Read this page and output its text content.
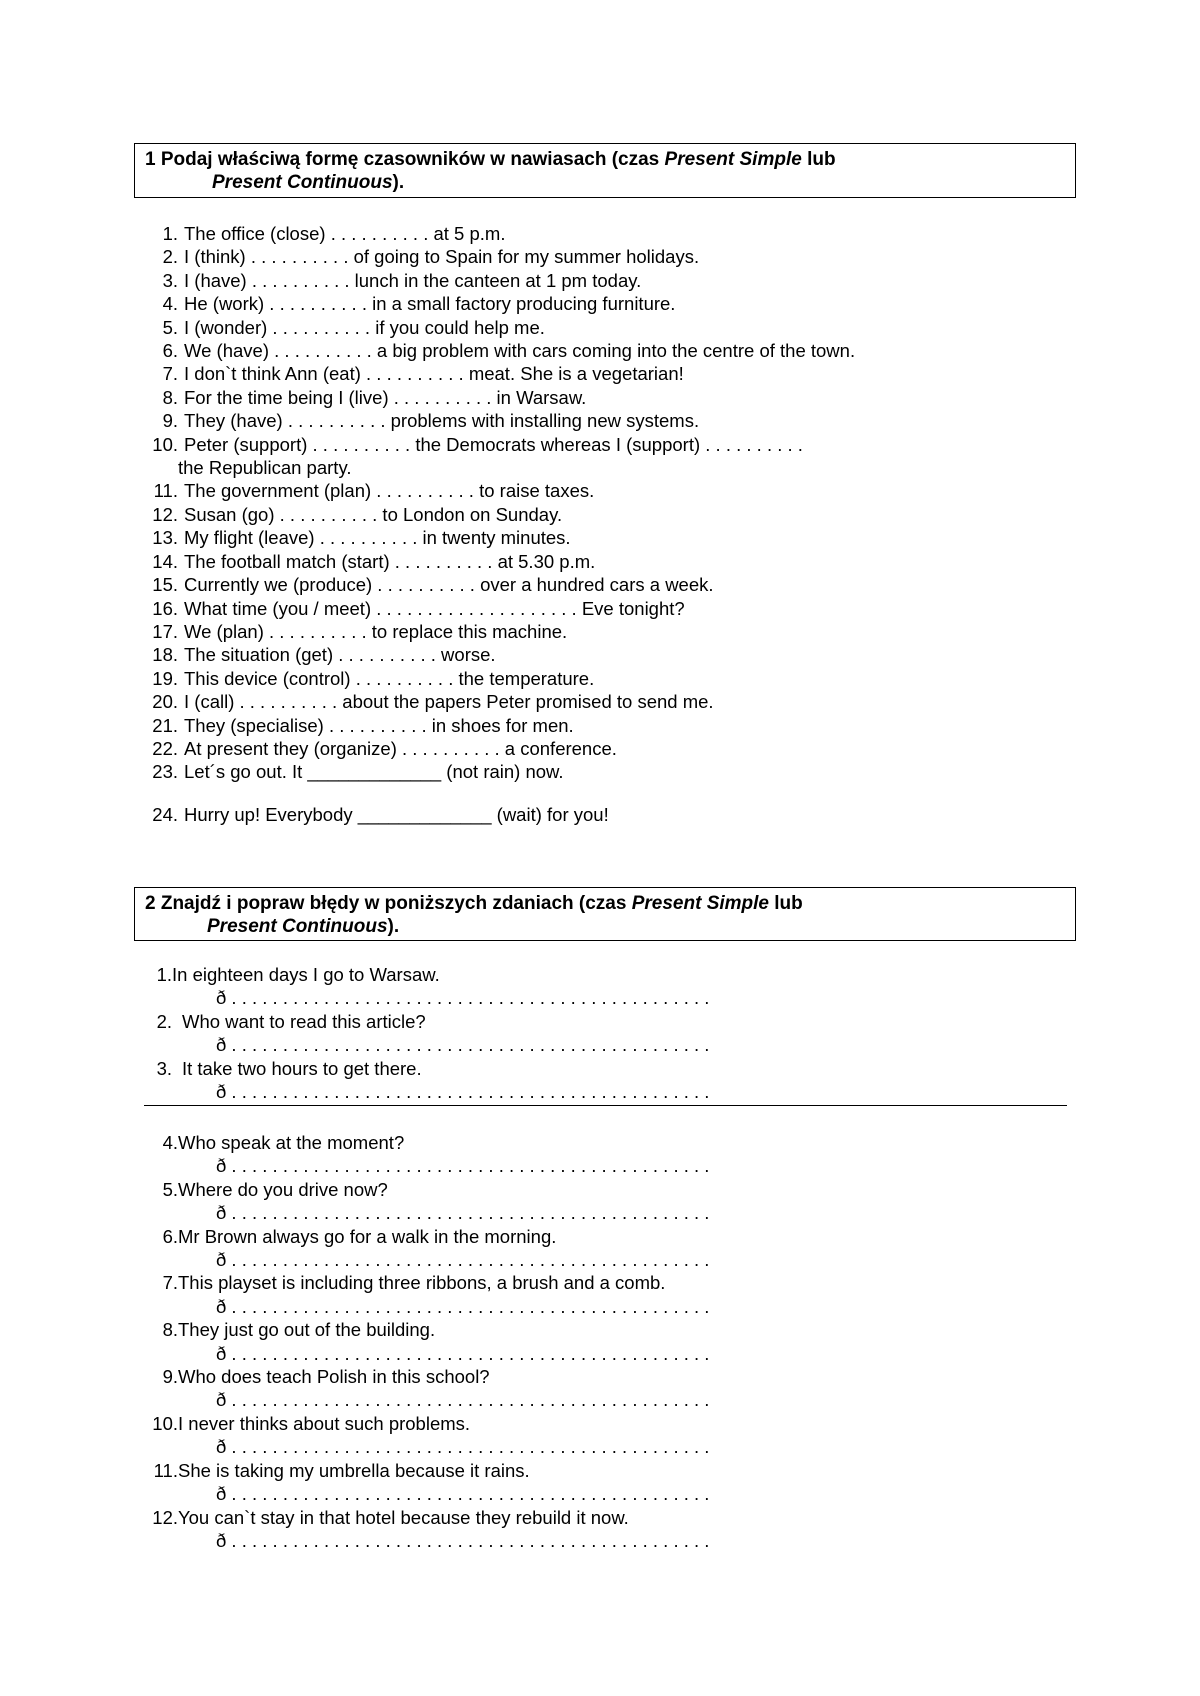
1 Podaj właściwą formę czasowników w nawiasach (czas Present Simple lub
Present Continuous).
1. The office (close) . . . . . . . . . . at 5 p.m.
2. I (think) . . . . . . . . . . of going to Spain for my summer holidays.
3. I (have) . . . . . . . . . . lunch in the canteen at 1 pm today.
4. He (work) . . . . . . . . . . in a small factory producing furniture.
5. I (wonder) . . . . . . . . . . if you could help me.
6. We (have) . . . . . . . . . . a big problem with cars coming into the centre of the town.
7. I don`t think Ann (eat) . . . . . . . . . . meat. She is a vegetarian!
8. For the time being I (live) . . . . . . . . . . in Warsaw.
9. They (have) . . . . . . . . . . problems with installing new systems.
10. Peter (support) . . . . . . . . . . the Democrats whereas I (support) . . . . . . . . . .
the Republican party.
11. The government (plan) . . . . . . . . . . to raise taxes.
12. Susan (go) . . . . . . . . . . to London on Sunday.
13. My flight (leave) . . . . . . . . . . in twenty minutes.
14. The football match (start) . . . . . . . . . . at 5.30 p.m.
15. Currently we (produce) . . . . . . . . . . over a hundred cars a week.
16. What time (you / meet) . . . . . . . . . . . . . . . . . . . . Eve tonight?
17. We (plan) . . . . . . . . . . to replace this machine.
18. The situation (get) . . . . . . . . . . worse.
19. This device (control) . . . . . . . . . . the temperature.
20. I (call) . . . . . . . . . . about the papers Peter promised to send me.
21. They (specialise) . . . . . . . . . . in shoes for men.
22. At present they (organize) . . . . . . . . . . a conference.
23. Let´s go out. It _____________ (not rain) now.
24. Hurry up! Everybody _____________ (wait) for you!
2 Znajdź i popraw błędy w poniższych zdaniach (czas Present Simple lub
Present Continuous).
1.In eighteen days I go to Warsaw.
ð . . . . . . . . . . . . . . . . . . . . . . . . . . . . . . . . . . . . . . . . . . . . . . .
2. Who want to read this article?
ð . . . . . . . . . . . . . . . . . . . . . . . . . . . . . . . . . . . . . . . . . . . . . . .
3. It take two hours to get there.
ð . . . . . . . . . . . . . . . . . . . . . . . . . . . . . . . . . . . . . . . . . . . . . . .
4.Who speak at the moment?
ð . . . . . . . . . . . . . . . . . . . . . . . . . . . . . . . . . . . . . . . . . . . . . . .
5.Where do you drive now?
ð . . . . . . . . . . . . . . . . . . . . . . . . . . . . . . . . . . . . . . . . . . . . . . .
6.Mr Brown always go for a walk in the morning.
ð . . . . . . . . . . . . . . . . . . . . . . . . . . . . . . . . . . . . . . . . . . . . . . .
7.This playset is including three ribbons, a brush and a comb.
ð . . . . . . . . . . . . . . . . . . . . . . . . . . . . . . . . . . . . . . . . . . . . . . .
8.They just go out of the building.
ð . . . . . . . . . . . . . . . . . . . . . . . . . . . . . . . . . . . . . . . . . . . . . . .
9.Who does teach Polish in this school?
ð . . . . . . . . . . . . . . . . . . . . . . . . . . . . . . . . . . . . . . . . . . . . . . .
10.I never thinks about such problems.
ð . . . . . . . . . . . . . . . . . . . . . . . . . . . . . . . . . . . . . . . . . . . . . . .
11.She is taking my umbrella because it rains.
ð . . . . . . . . . . . . . . . . . . . . . . . . . . . . . . . . . . . . . . . . . . . . . . .
12.You can`t stay in that hotel because they rebuild it now.
ð . . . . . . . . . . . . . . . . . . . . . . . . . . . . . . . . . . . . . . . . . . . . . . .
